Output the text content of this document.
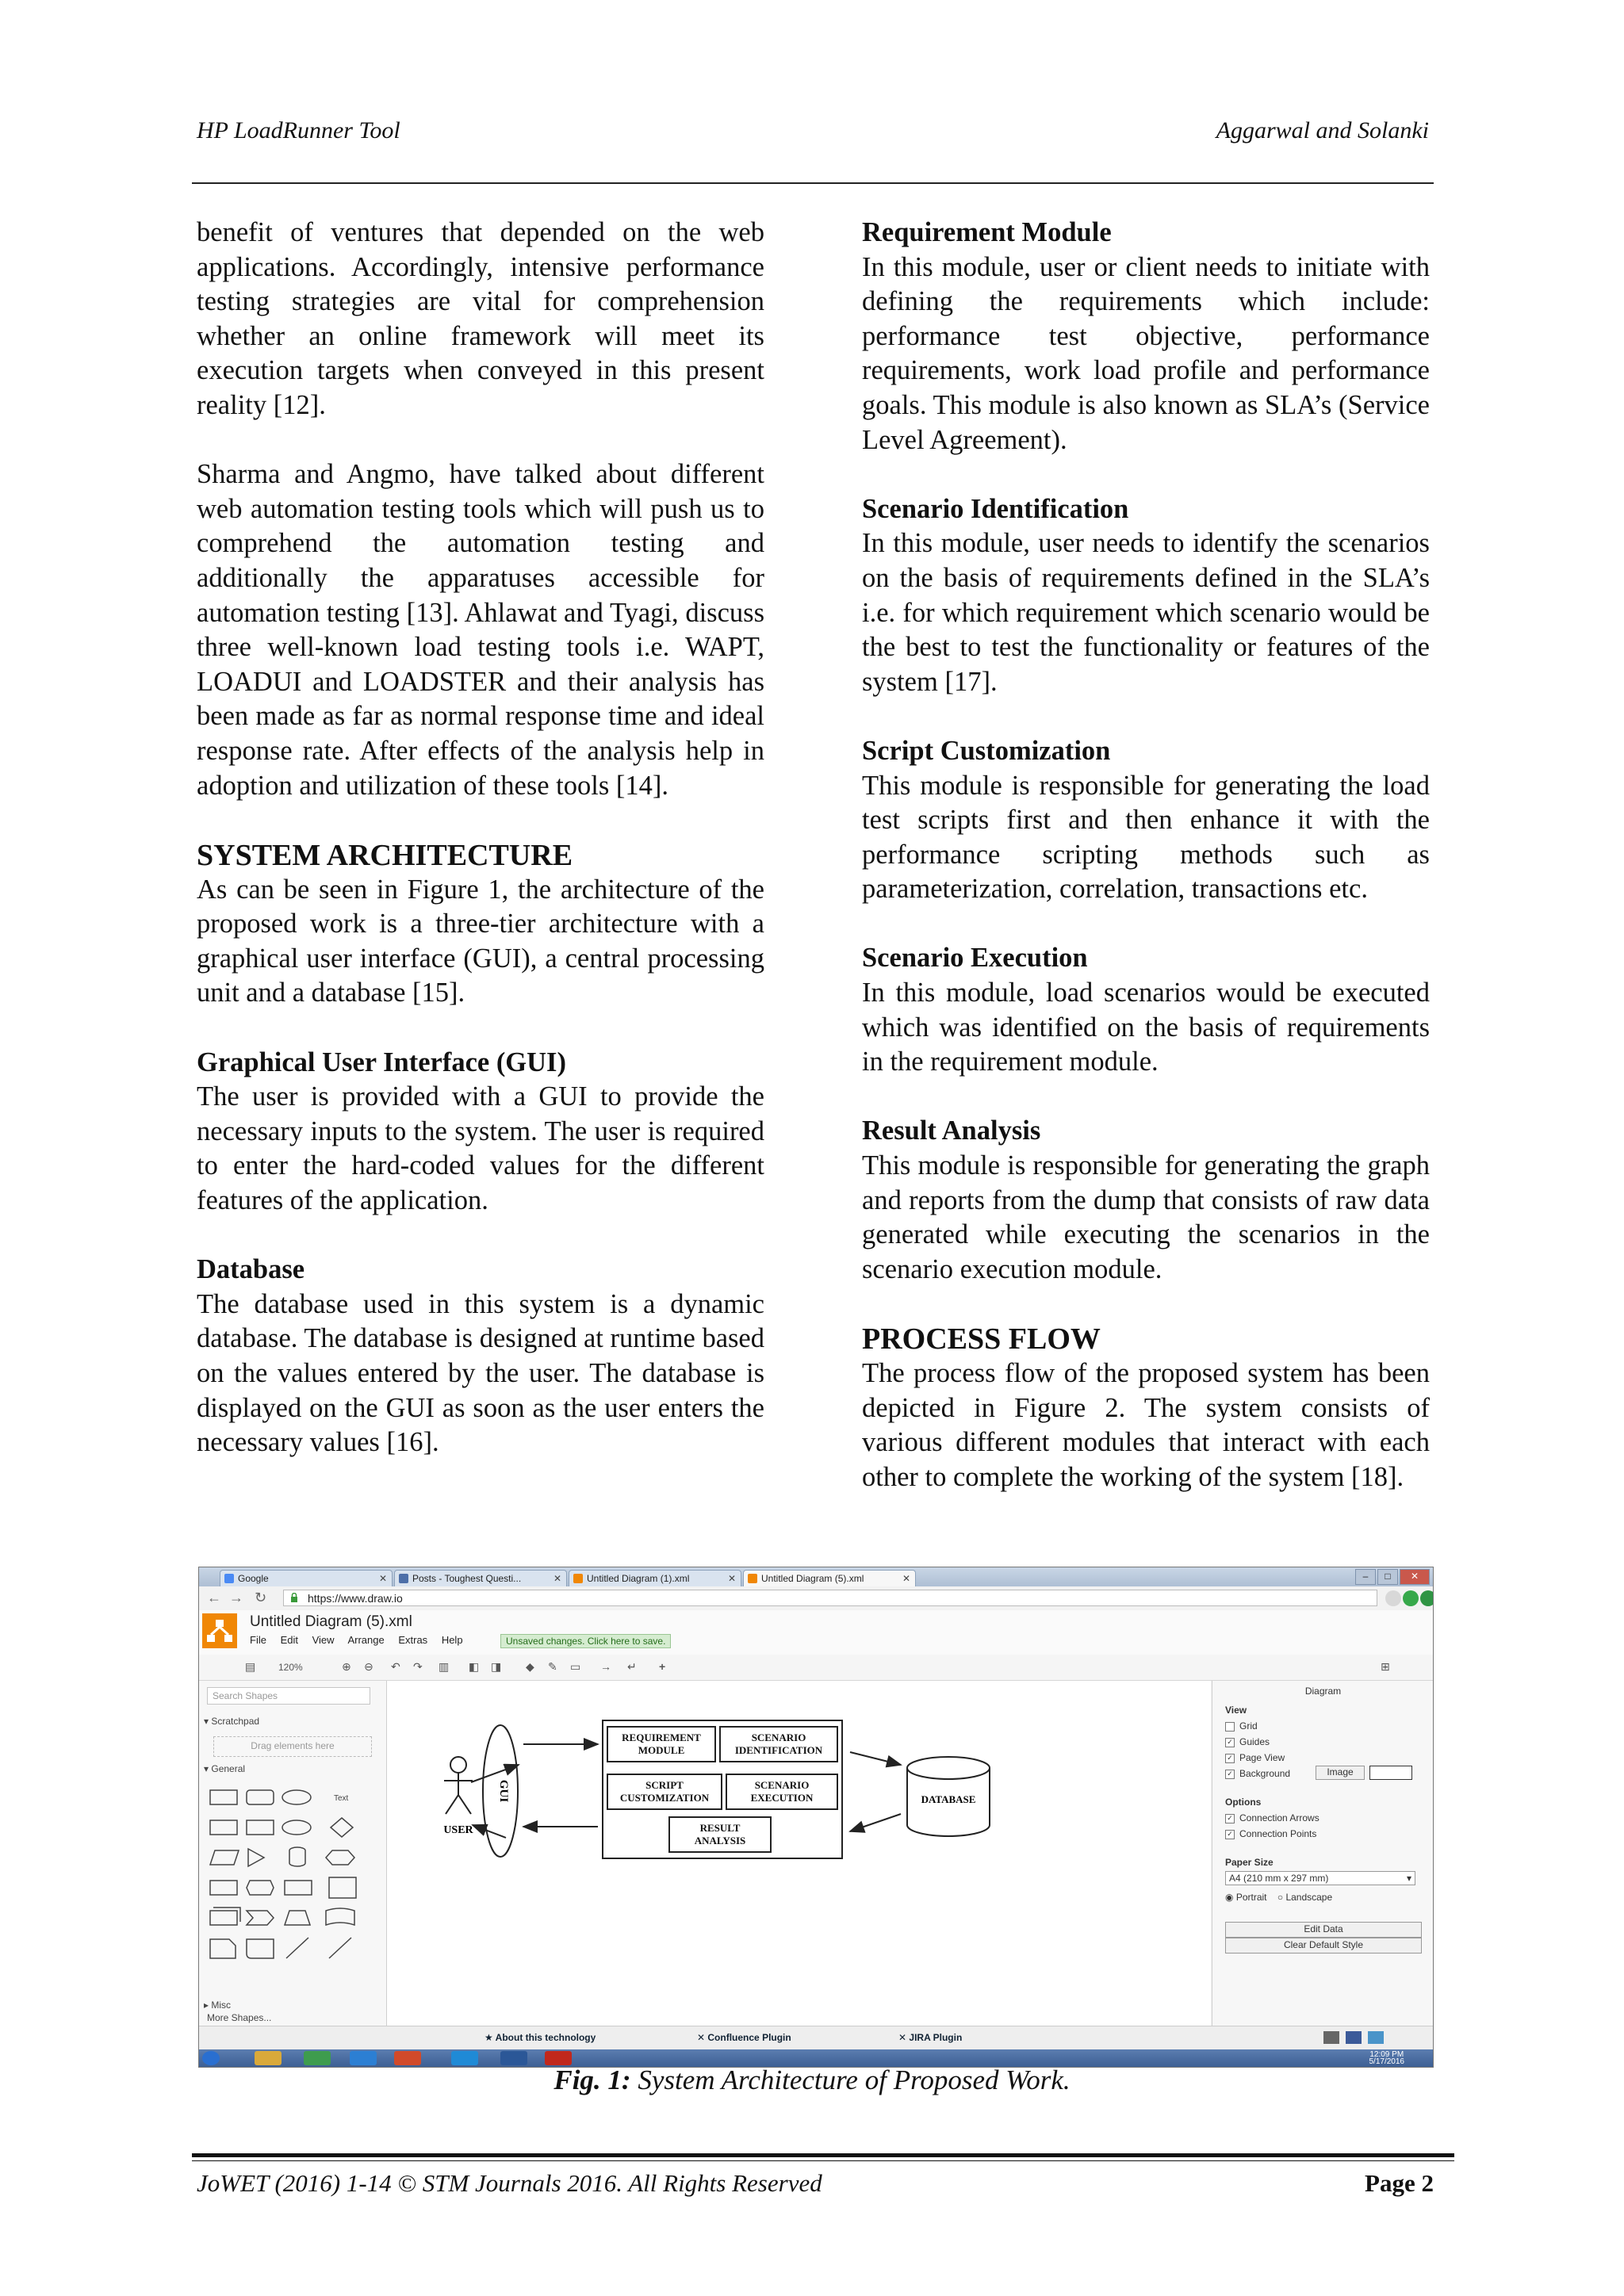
HP LoadRunner Tool	Aggarwal and Solanki

benefit of ventures that depended on the web applications. Accordingly, intensive performance testing strategies are vital for comprehension whether an online framework will meet its execution targets when conveyed in this present reality [12].

Sharma and Angmo, have talked about different web automation testing tools which will push us to comprehend the automation testing and additionally the apparatuses accessible for automation testing [13]. Ahlawat and Tyagi, discuss three well-known load testing tools i.e. WAPT, LOADUI and LOADSTER and their analysis has been made as far as normal response time and ideal response rate. After effects of the analysis help in adoption and utilization of these tools [14].

SYSTEM ARCHITECTURE
As can be seen in Figure 1, the architecture of the proposed work is a three-tier architecture with a graphical user interface (GUI), a central processing unit and a database [15].

Graphical User Interface (GUI)
The user is provided with a GUI to provide the necessary inputs to the system. The user is required to enter the hard-coded values for the different features of the application.

Database
The database used in this system is a dynamic database. The database is designed at runtime based on the values entered by the user. The database is displayed on the GUI as soon as the user enters the necessary values [16].

Requirement Module
In this module, user or client needs to initiate with defining the requirements which include: performance test objective, performance requirements, work load profile and performance goals. This module is also known as SLA’s (Service Level Agreement).

Scenario Identification
In this module, user needs to identify the scenarios on the basis of requirements defined in the SLA’s i.e. for which requirement which scenario would be the best to test the functionality or features of the system [17].

Script Customization
This module is responsible for generating the load test scripts first and then enhance it with the performance scripting methods such as parameterization, correlation, transactions etc.

Scenario Execution
In this module, load scenarios would be executed which was identified on the basis of requirements in the requirement module.

Result Analysis
This module is responsible for generating the graph and reports from the dump that consists of raw data generated while executing the scenarios in the scenario execution module.

PROCESS FLOW
The process flow of the proposed system has been depicted in Figure 2. The system consists of various different modules that interact with each other to complete the working of the system [18].

Google	✕	Posts - Toughest Questi...	✕	Untitled Diagram (1).xml	✕	Untitled Diagram (5).xml	✕	– □ ✕
← → ↻	https://www.draw.io
Untitled Diagram (5).xml
File Edit View Arrange Extras Help	Unsaved changes. Click here to save.
▤ 120%	⊕ ⊖ ↶ ↷ ▥ ◧ ◨ ◆ ✎ ▭ → ↵ +	⊞
Search Shapes
▾ Scratchpad
Drag elements here
▾ General
Text
▸ Misc
More Shapes...
USER
GUI
REQUIREMENT
MODULE
SCENARIO
IDENTIFICATION
SCRIPT
CUSTOMIZATION
SCENARIO
EXECUTION
RESULT
ANALYSIS
DATABASE
Diagram
View
Grid
✓ Guides
✓ Page View
✓ Background	Image
Options
✓ Connection Arrows
✓ Connection Points
Paper Size
A4 (210 mm x 297 mm)	▾
◉ Portrait ○ Landscape
Edit Data
Clear Default Style
★ About this technology	✕ Confluence Plugin	✕ JIRA Plugin
12:09 PM
5/17/2016
Fig. 1: System Architecture of Proposed Work.
JoWET (2016) 1-14 © STM Journals 2016. All Rights Reserved	Page 2
